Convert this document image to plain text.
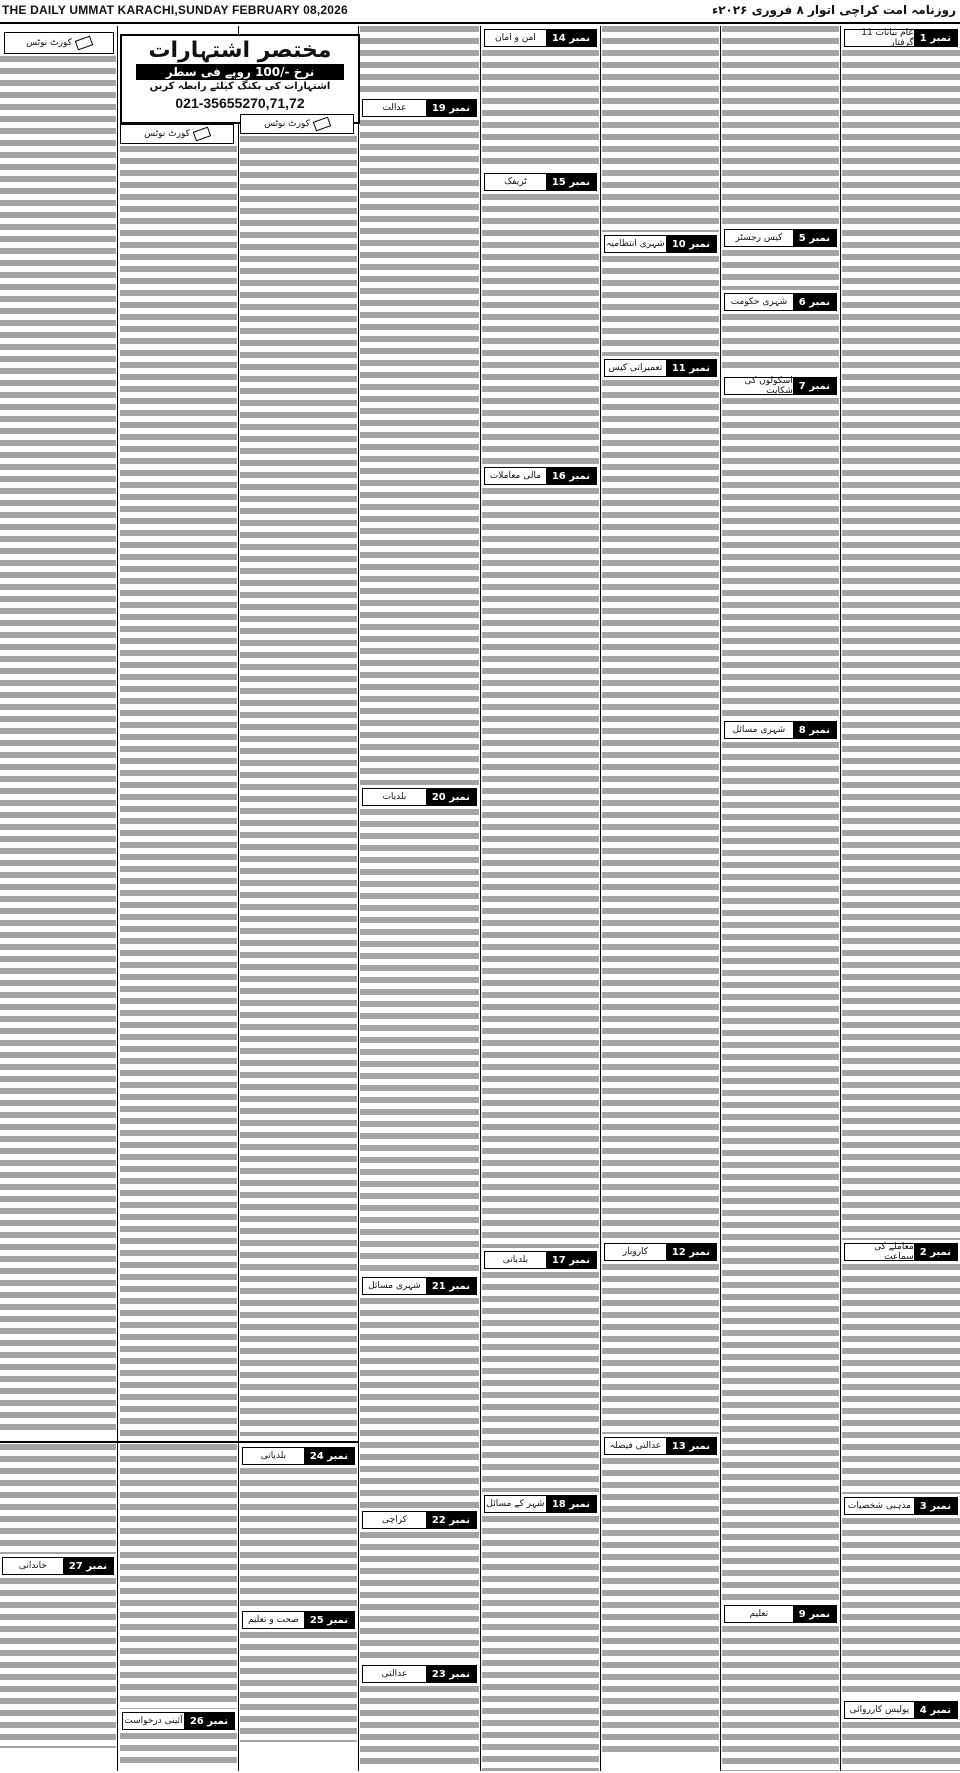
THE DAILY UMMAT KARACHI,SUNDAY FEBRUARY 08,2026	روزنامہ امت کراچی اتوار ۸ فروری ۲۰۲۶ء
مختصر اشتہارات
نرخ -/100 روپے فی سطر
اشتہارات کی بکنگ کیلئے رابطہ کریں
021-35655270,71,72
کورٹ نوٹس
کورٹ نوٹس
کورٹ نوٹس
نمبر 1
عام بیانات 11 گرفتار
نمبر 2
معاملے کی سماعت
نمبر 3
مذہبی شخصیات
نمبر 4
پولیس کارروائی
نمبر 5
کیس رجسٹر
نمبر 6
شہری حکومت
نمبر 7
اسکولوں کی شکایت
نمبر 8
شہری مسائل
نمبر 9
تعلیم
نمبر 10
شہری انتظامیہ
نمبر 11
تعمیراتی کیس
نمبر 12
کاروبار
نمبر 13
عدالتی فیصلہ
نمبر 14
امن و امان
نمبر 15
ٹریفک
نمبر 16
مالی معاملات
نمبر 17
بلدیاتی
نمبر 18
شہر کے مسائل
نمبر 19
عدالت
نمبر 20
بلدیات
نمبر 21
شہری مسائل
نمبر 22
کراچی
نمبر 23
عدالتی
نمبر 24
بلدیاتی
نمبر 25
صحت و تعلیم
نمبر 26
آئینی درخواست
نمبر 27
خاندانی
